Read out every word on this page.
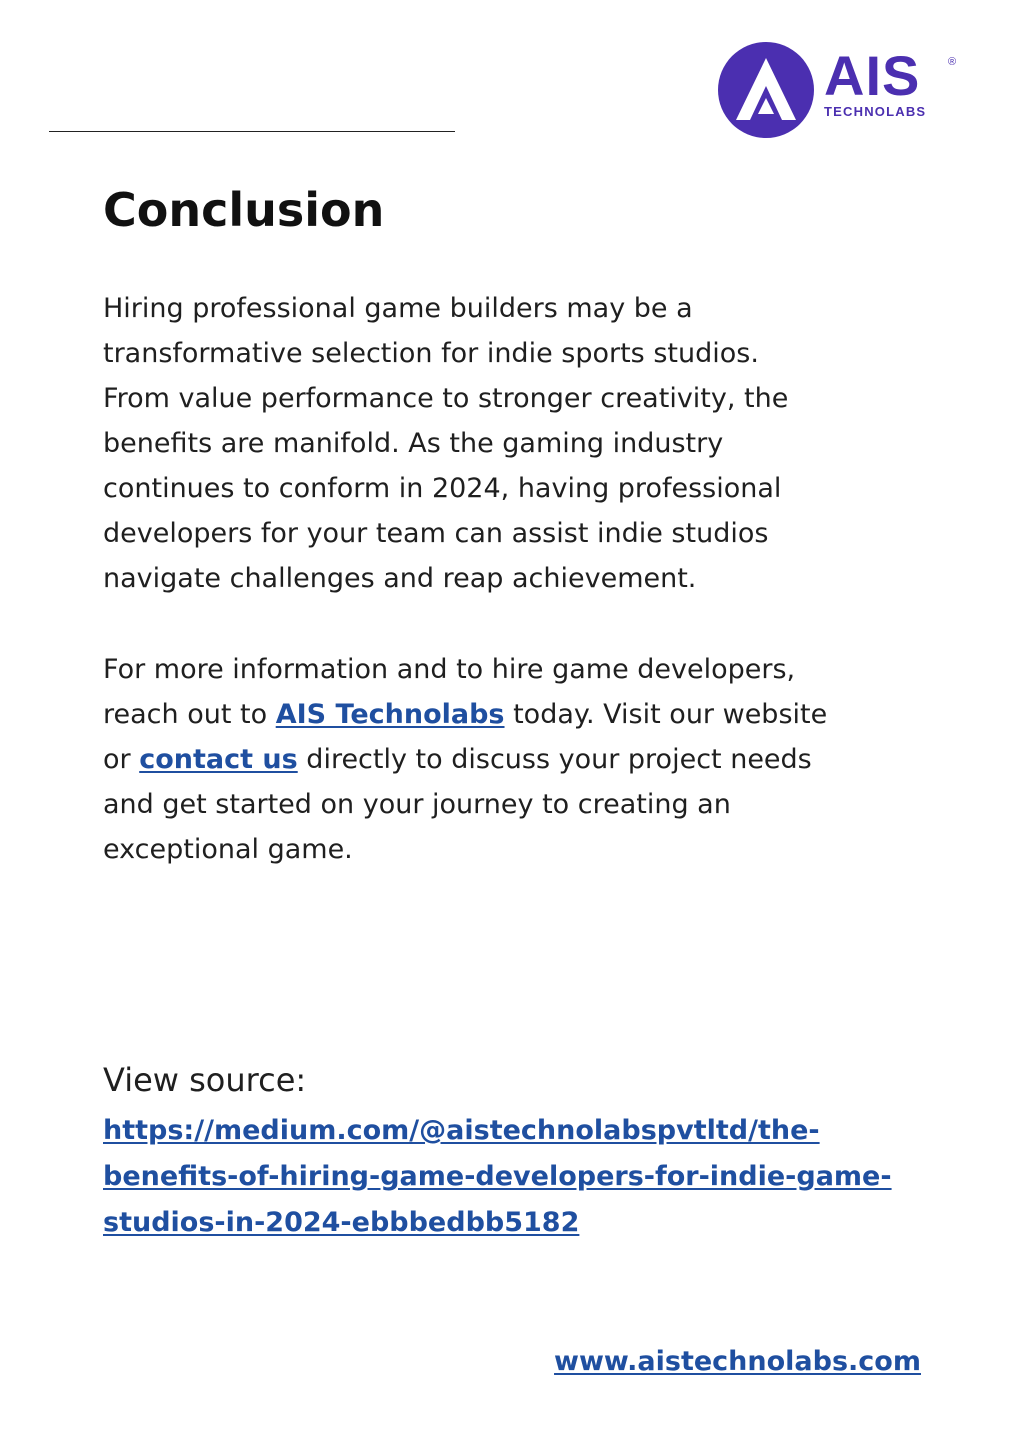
AIS	®
TECHNOLABS
Conclusion

Hiring professional game builders may be a
transformative selection for indie sports studios.
From value performance to stronger creativity, the
benefits are manifold. As the gaming industry
continues to conform in 2024, having professional
developers for your team can assist indie studios
navigate challenges and reap achievement.

For more information and to hire game developers,
reach out to AIS Technolabs today. Visit our website
or contact us directly to discuss your project needs
and get started on your journey to creating an
exceptional game.

View source:

https://medium.com/@aistechnolabspvtltd/the-
benefits-of-hiring-game-developers-for-indie-game-
studios-in-2024-ebbbedbb5182
www.aistechnolabs.com
